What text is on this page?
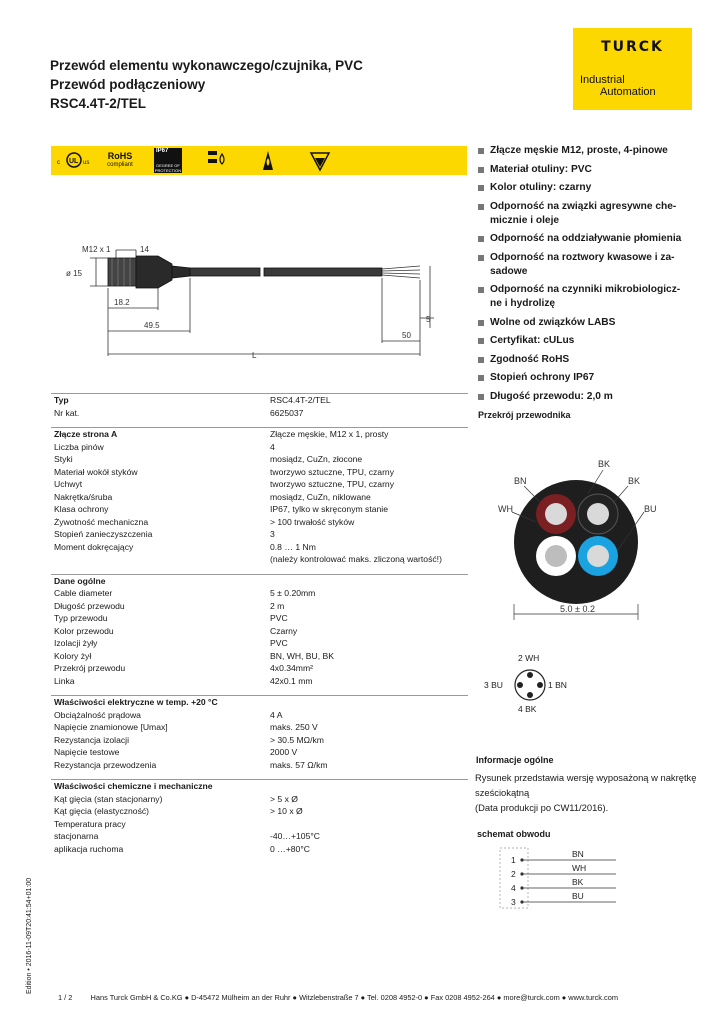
Przewód elementu wykonawczego/czujnika, PVC
Przewód podłączeniowy
RSC4.4T-2/TEL
TURCK
Industrial
Automation
UL
c	us
RoHS
compliant
IP67
DEGREE OF PROTECTION
M12 x 1	14
ø 15
18.2
49.5
50
5
L
Złącze męskie M12, proste, 4-pinowe
Materiał otuliny: PVC
Kolor otuliny: czarny
Odporność na związki agresywne che-
micznie i oleje
Odporność na oddziaływanie płomienia
Odporność na roztwory kwasowe i za-
sadowe
Odporność na czynniki mikrobiologicz-
ne i hydrolizę
Wolne od związków LABS
Certyfikat: cULus
Zgodność RoHS
Stopień ochrony IP67
Długość przewodu: 2,0 m
Typ	RSC4.4T-2/TEL
Nr kat.	6625037
Złącze strona A	Złącze męskie, M12 x 1, prosty
Liczba pinów	4
Styki	mosiądz, CuZn, złocone
Materiał wokół styków	tworzywo sztuczne, TPU, czarny
Uchwyt	tworzywo sztuczne, TPU, czarny
Nakrętka/śruba	mosiądz, CuZn, niklowane
Klasa ochrony	IP67, tylko w skręconym stanie
Żywotność mechaniczna	> 100 trwałość styków
Stopień zanieczyszczenia	3
Moment dokręcający	0.8 … 1 Nm
(należy kontrolować maks. zliczoną wartość!)
Dane ogólne
Cable diameter	5 ± 0.20mm
Długość przewodu	2 m
Typ przewodu	PVC
Kolor przewodu	Czarny
Izolacji żyły	PVC
Kolory żył	BN, WH, BU, BK
Przekrój przewodu	4x0.34mm²
Linka	42x0.1 mm
Właściwości elektryczne w temp. +20 °C
Obciążalność prądowa	4 A
Napięcie znamionowe [Umax]	maks. 250 V
Rezystancja izolacji	> 30.5 MΩ/km
Napięcie testowe	2000 V
Rezystancja przewodzenia	maks. 57 Ω/km
Właściwości chemiczne i mechaniczne
Kąt gięcia (stan stacjonarny)	> 5 x Ø
Kąt gięcia (elastyczność)	> 10 x Ø
Temperatura pracy
stacjonarna	-40…+105°C
aplikacja ruchoma	0 …+80°C
Przekrój przewodnika
BK
BN	BK
WH	BU
5.0 ± 0.2
2 WH
3 BU	1 BN
4 BK
Informacje ogólne
Rysunek przedstawia wersję wyposażoną w nakrętkę sześciokątną
(Data produkcji po CW11/2016).
schemat obwodu
1
2
4
3
BN
WH
BK
BU
1 / 2 Hans Turck GmbH & Co.KG ● D-45472 Mülheim an der Ruhr ● Witzlebenstraße 7 ● Tel. 0208 4952-0 ● Fax 0208 4952-264 ● more@turck.com ● www.turck.com
Edition • 2016-11-09T20:41:54+01:00
